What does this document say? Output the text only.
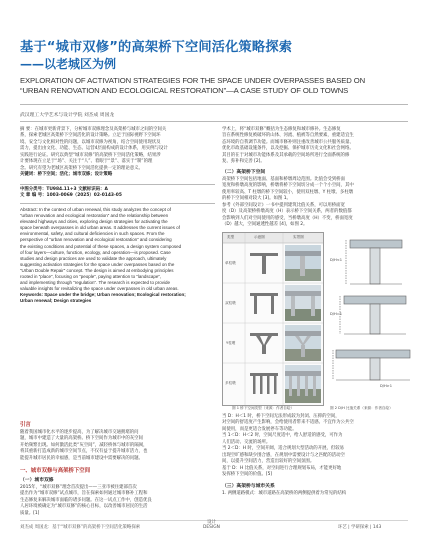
基于“城市双修”的高架桥下空间活化策略探索
——以老城区为例
EXPLORATION OF ACTIVATION STRATEGIES FOR THE SPACE UNDER OVERPASSES BASED ON
“URBAN RENOVATION AND ECOLOGICAL RESTORATION”—A CASE STUDY OF OLD TOWNS
武汉理工大学艺术与设计学院 刘杰成 周国龙
摘 要：在城市更新背景下，分析城市双修理念及高架桥与城市之间的空间关
系，探索老城区高架桥下空间活化的设计策略。立足于国际视野下空间环
境、安全与文化相对性的问题，以城市双修为视角，结合空间使用现状及
需力，提出由文化、功能、生态、运营4层面构成的设计体系，用实例与设计
实践进行论证。研究以典型“城市双修”的高架桥下空间活化策略，结果涉
计要体现在立足于“场”、关注于“人”、着眼于“景”、落实于“制”的理
念。研究有望为老城区高架桥下空间活化提供一定的理论意义。
关键词：桥下空间；活化；城市双修；设计策略
中图分类号：TU984.11+3 文献标识码：A
文 章 编 号：1003-0069（2025）02-0143-05
Abstract: In the context of urban renewal, this study analyzes the concept of
“urban renovation and ecological restoration” and the relationship between
elevated highways and cities, exploring design strategies for activating the
space beneath overpasses in old urban areas. It addresses the current issues of
environmental, safety, and cultural deficiencies in such spaces. From the
perspective of “urban renovation and ecological restoration” and considering
the existing conditions and potential of these spaces, a design system composed
of four layers—culture, function, ecology, and operation—is proposed. Case
studies and design practices are used to validate the approach, ultimately
suggesting activation strategies for the space under overpasses based on the
“Urban Double Repair” concept. The design is aimed at embodying principles
rooted in “place”, focusing on “people”, paying attention to “landscape”,
and implementing through “regulation”. The research is expected to provide
valuable insights for revitalizing the space under overpasses in old urban areas.
Keywords: Space under the bridge; Urban renovation; Ecological restoration;
Urban renewal; Design strategies
引言
随着我国城市化水平的逐步提高，为了解决城市交通拥堵的问
题，城市中建造了大量的高架桥。桥下空间作为城市中的灰空间
开始频繁出现。如何激活此类“灰空间”，减轻桥体与城市的隔阂，
将其重新打造成新的城市空间节点，不仅有益于提升城市活力，也
能提升城市居民的幸福感，是当前城市建设中需要解决的问题。
一、城市双修与高架桥下空间
（一）城市双修
2015年，“城市双修”理念首次提出——三亚市被住建部首次
提出作为“城市双修”试点城市，旨在探索如何通过城市修补工程和
生态修复来解决城市面临的诸多问题。在这一试点工作中，创造优良
人居环境被确定为“城市双修”的核心目标，以改善城市居民的生活
质量。[1]
学术上，将“城市双修”概括为生态修复和城市修补。生态修复
旨在系统性修复被破坏的山体、河流、植被等自然要素，重建适宜生
态环境的自我调节功能。而城市修补则注重改善城市公共服务质量、
优化市政基础设施条件，以及挖掘、保护城市历史文化和社会网络。
其目的在于对城市功能体系及其承载的空间场所进行全面系统的修
复、弥补和完善 [2]。
（二）高架桥下空间
高架桥下空间包括地面、基面和桥墩周边范围。比值会受到桥面
宽度和桥墩高度的影响，桥墩将桥下空间切分成一个个小空间，其中
使用率较高、T 柱墩的桥下空间较小，使用双柱墩、Y 柱墩、多柱墩
的桥下空间相对较大 [3]。如图 1。
参考《外部空间设计》一书中提到建筑比值关系，可以用桥面宽
度（D）及高架桥桥墩高度（H）表示桥下空间关系，两者的数值都
会影响到人们对空间使用的感受，当桥墩高度（H）不变，桥面宽度
（D）越大，空间通透性越差 [4]，如图 2。
类型	示意图	实景图
单柱墩
双柱墩
Y柱墩
多柱墩
图 1 桥下空间类型（来源：作者自绘）
D/H<1
D/H=1
D/H>1
图 2 D/H 比值关系（来源：作者自绘）
当 D：H＜1 时，桥下空间无法形成较为封闭、压抑的空间，
对空间的舒适度产生影响，会给使用者带来不适感。不宜作为公共空
间使用，而是更适合发展停车等功能。
当 1＜D：H＜2 时，空间尺度适中，给人舒适的感受，可作为
人们活动、交流的场所。
当 2＜D：H 时，空间开阔，适合规划大型活动的开展，但较易
出现空旷感和缺少围合感，在规划中需要设计与之匹配的活动空
间，以提升空间活力，营造出较好的空间氛围。
基于 D：H 比值关系，对空间进行合理规划布局，才能更好地
发挥桥下空间的价值。[5]
（三）高架桥与城市关系
1. 两侧道路模式：城市道路在高架桥的两侧提供着为常见的结构
刘杰成 周国龙：基于“城市双修”的高架桥下空间活化策略探索
设计
DESIGN	环艺 | 学研探索 | 143
